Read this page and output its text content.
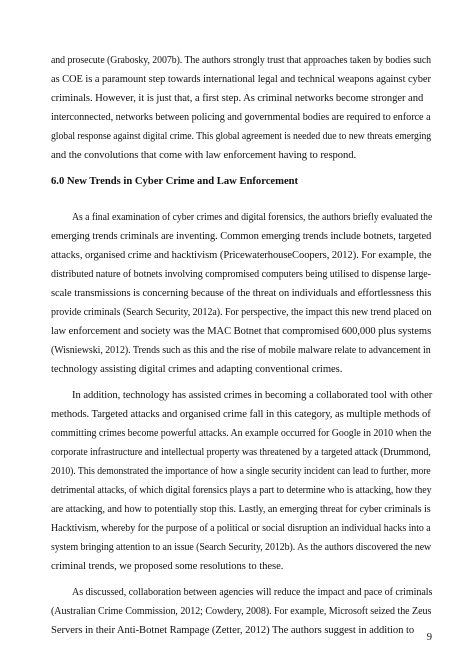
and prosecute (Grabosky, 2007b). The authors strongly trust that approaches taken by bodies such
as COE is a paramount step towards international legal and technical weapons against cyber
criminals. However, it is just that, a first step. As criminal networks become stronger and
interconnected, networks between policing and governmental bodies are required to enforce a
global response against digital crime. This global agreement is needed due to new threats emerging
and the convolutions that come with law enforcement having to respond.
6.0 New Trends in Cyber Crime and Law Enforcement
As a final examination of cyber crimes and digital forensics, the authors briefly evaluated the
emerging trends criminals are inventing. Common emerging trends include botnets, targeted
attacks, organised crime and hacktivism (PricewaterhouseCoopers, 2012). For example, the
distributed nature of botnets involving compromised computers being utilised to dispense large-
scale transmissions is concerning because of the threat on individuals and effortlessness this
provide criminals (Search Security, 2012a). For perspective, the impact this new trend placed on
law enforcement and society was the MAC Botnet that compromised 600,000 plus systems
(Wisniewski, 2012). Trends such as this and the rise of mobile malware relate to advancement in
technology assisting digital crimes and adapting conventional crimes.
In addition, technology has assisted crimes in becoming a collaborated tool with other
methods. Targeted attacks and organised crime fall in this category, as multiple methods of
committing crimes become powerful attacks. An example occurred for Google in 2010 when the
corporate infrastructure and intellectual property was threatened by a targeted attack (Drummond,
2010). This demonstrated the importance of how a single security incident can lead to further, more
detrimental attacks, of which digital forensics plays a part to determine who is attacking, how they
are attacking, and how to potentially stop this. Lastly, an emerging threat for cyber criminals is
Hacktivism, whereby for the purpose of a political or social disruption an individual hacks into a
system bringing attention to an issue (Search Security, 2012b). As the authors discovered the new
criminal trends, we proposed some resolutions to these.
As discussed, collaboration between agencies will reduce the impact and pace of criminals
(Australian Crime Commission, 2012; Cowdery, 2008). For example, Microsoft seized the Zeus
Servers in their Anti-Botnet Rampage (Zetter, 2012) The authors suggest in addition to
9
